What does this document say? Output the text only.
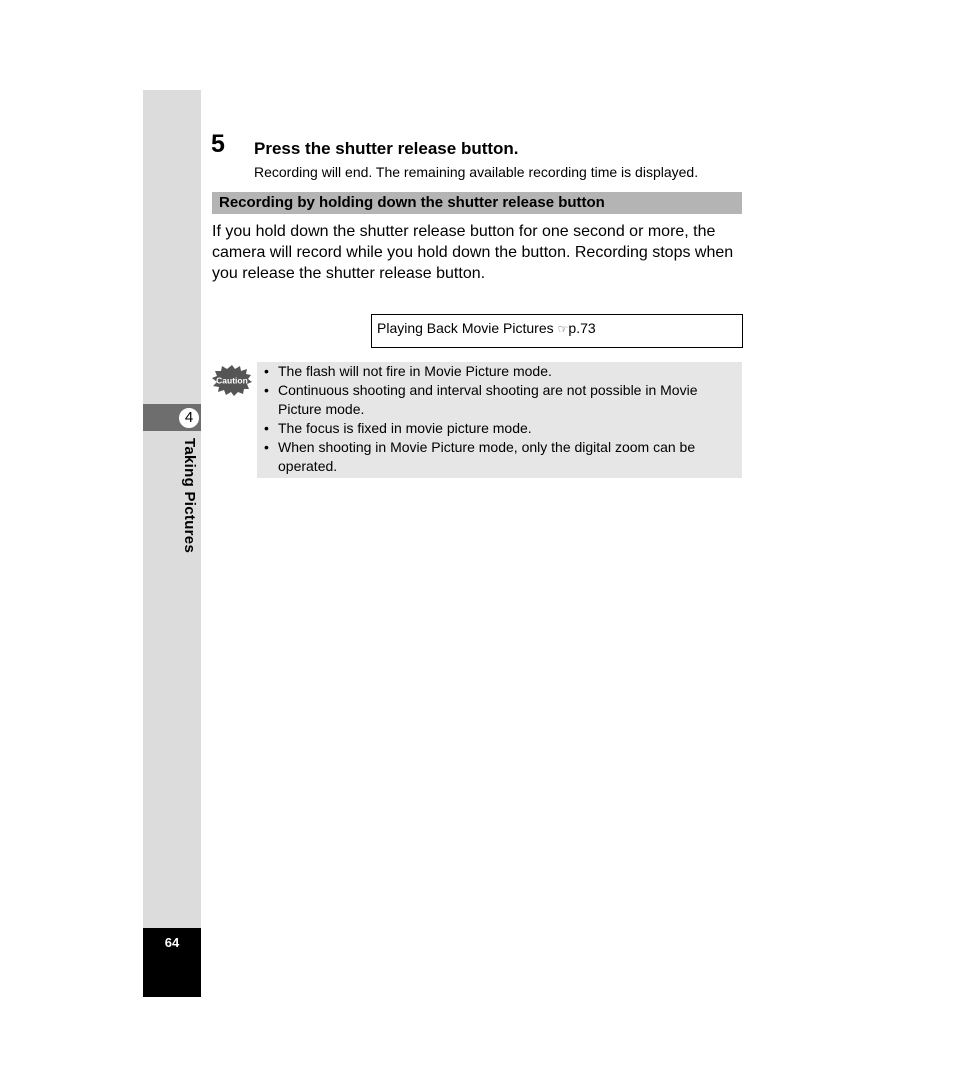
4
Taking Pictures
64
5 Press the shutter release button.
Recording will end. The remaining available recording time is displayed.
Recording by holding down the shutter release button

If you hold down the shutter release button for one second or more, the camera will record while you hold down the button. Recording stops when you release the shutter release button.

Playing Back Movie Pictures ☞p.73
Caution
• The flash will not fire in Movie Picture mode.
• Continuous shooting and interval shooting are not possible in Movie Picture mode.
• The focus is fixed in movie picture mode.
• When shooting in Movie Picture mode, only the digital zoom can be operated.
